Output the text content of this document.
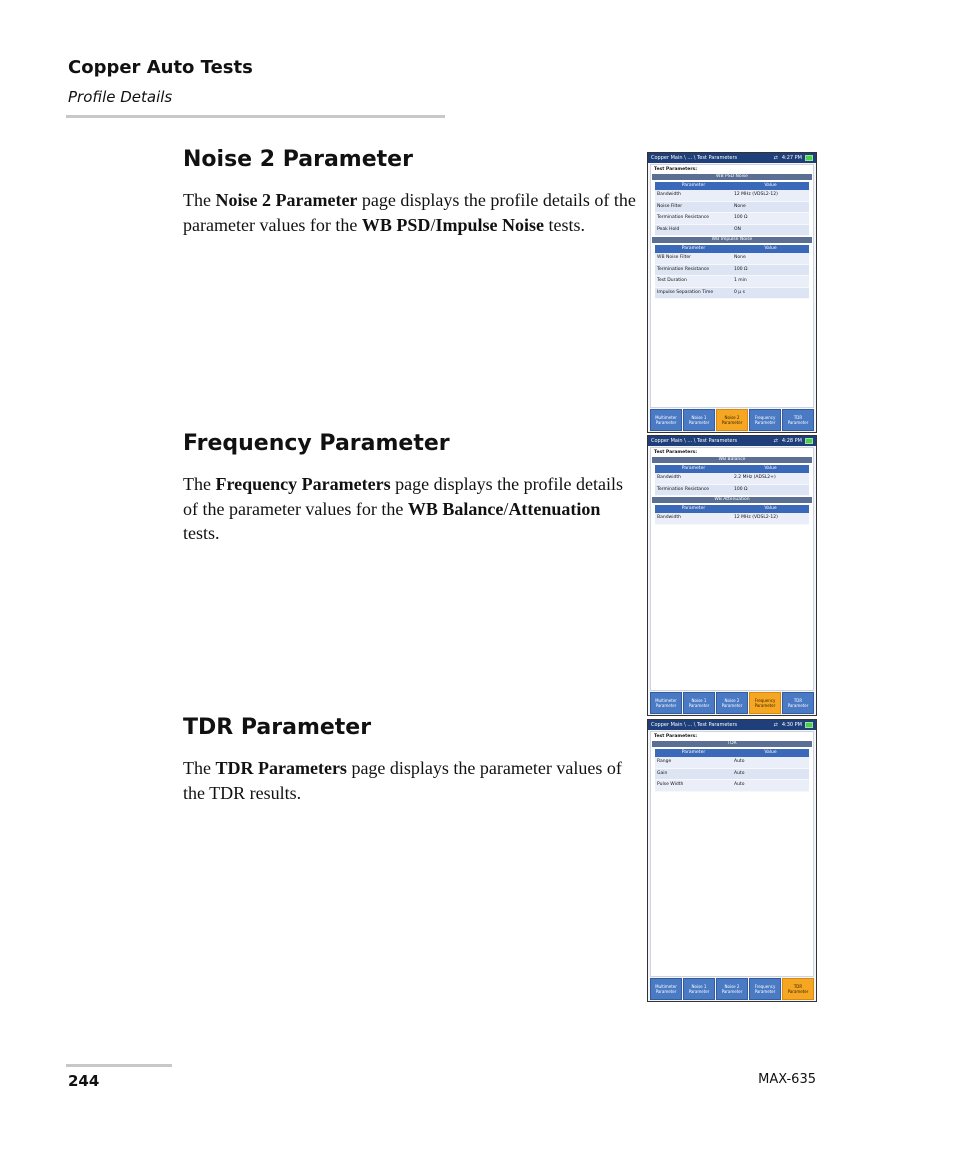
Copper Auto Tests
Profile Details
Noise 2 Parameter
The Noise 2 Parameter page displays the profile details of the parameter values for the WB PSD/Impulse Noise tests.
Copper Main \ ... \ Test Parameters	⇄ 4:27 PM
Test Parameters:
WB PSD Noise
Parameter	Value
Bandwidth	12 MHz (VDSL2-12)
Noise Filter	None
Termination Resistance	100 Ω
Peak Hold	ON
WB Impulse Noise
Parameter	Value
WB Noise Filter	None
Termination Resistance	100 Ω
Test Duration	1 min
Impulse Separation Time	0 µ s
Multimeter
Parameter
Noise 1
Parameter
Noise 2
Parameter
Frequency
Parameter
TDR
Parameter
Frequency Parameter
The Frequency Parameters page displays the profile details of the parameter values for the WB Balance/Attenuation tests.
Copper Main \ ... \ Test Parameters	⇄ 4:28 PM
Test Parameters:
WB Balance
Parameter	Value
Bandwidth	2.2 MHz (ADSL2+)
Termination Resistance	100 Ω
WB Attenuation
Parameter	Value
Bandwidth	12 MHz (VDSL2-12)
Multimeter
Parameter
Noise 1
Parameter
Noise 2
Parameter
Frequency
Parameter
TDR
Parameter
TDR Parameter
The TDR Parameters page displays the parameter values of the TDR results.
Copper Main \ ... \ Test Parameters	⇄ 4:30 PM
Test Parameters:
TDR
Parameter	Value
Range	Auto
Gain	Auto
Pulse Width	Auto
Multimeter
Parameter
Noise 1
Parameter
Noise 2
Parameter
Frequency
Parameter
TDR
Parameter
244	MAX-635
